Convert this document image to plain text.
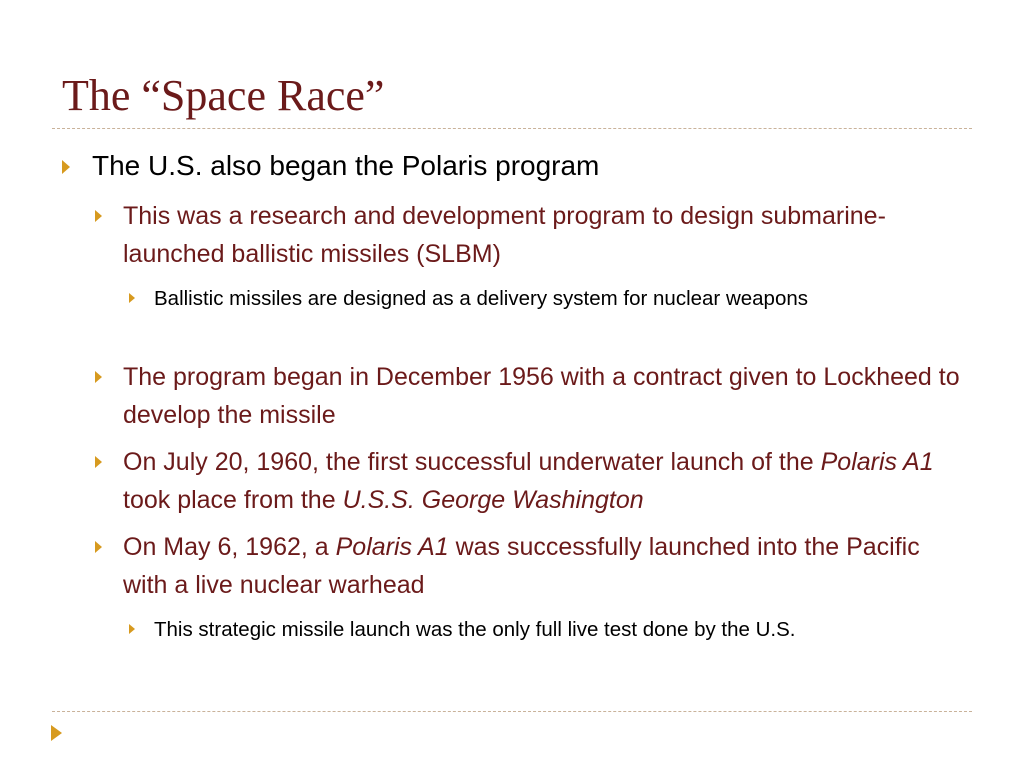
The “Space Race”
The U.S. also began the Polaris program
This was a research and development program to design submarine-launched ballistic missiles (SLBM)
Ballistic missiles are designed as a delivery system for nuclear weapons
The program began in December 1956 with a contract given to Lockheed to develop the missile
On July 20, 1960, the first successful underwater launch of the Polaris A1 took place from the U.S.S. George Washington
On May 6, 1962, a Polaris A1 was successfully launched into the Pacific with a live nuclear warhead
This strategic missile launch was the only full live test done by the U.S.
